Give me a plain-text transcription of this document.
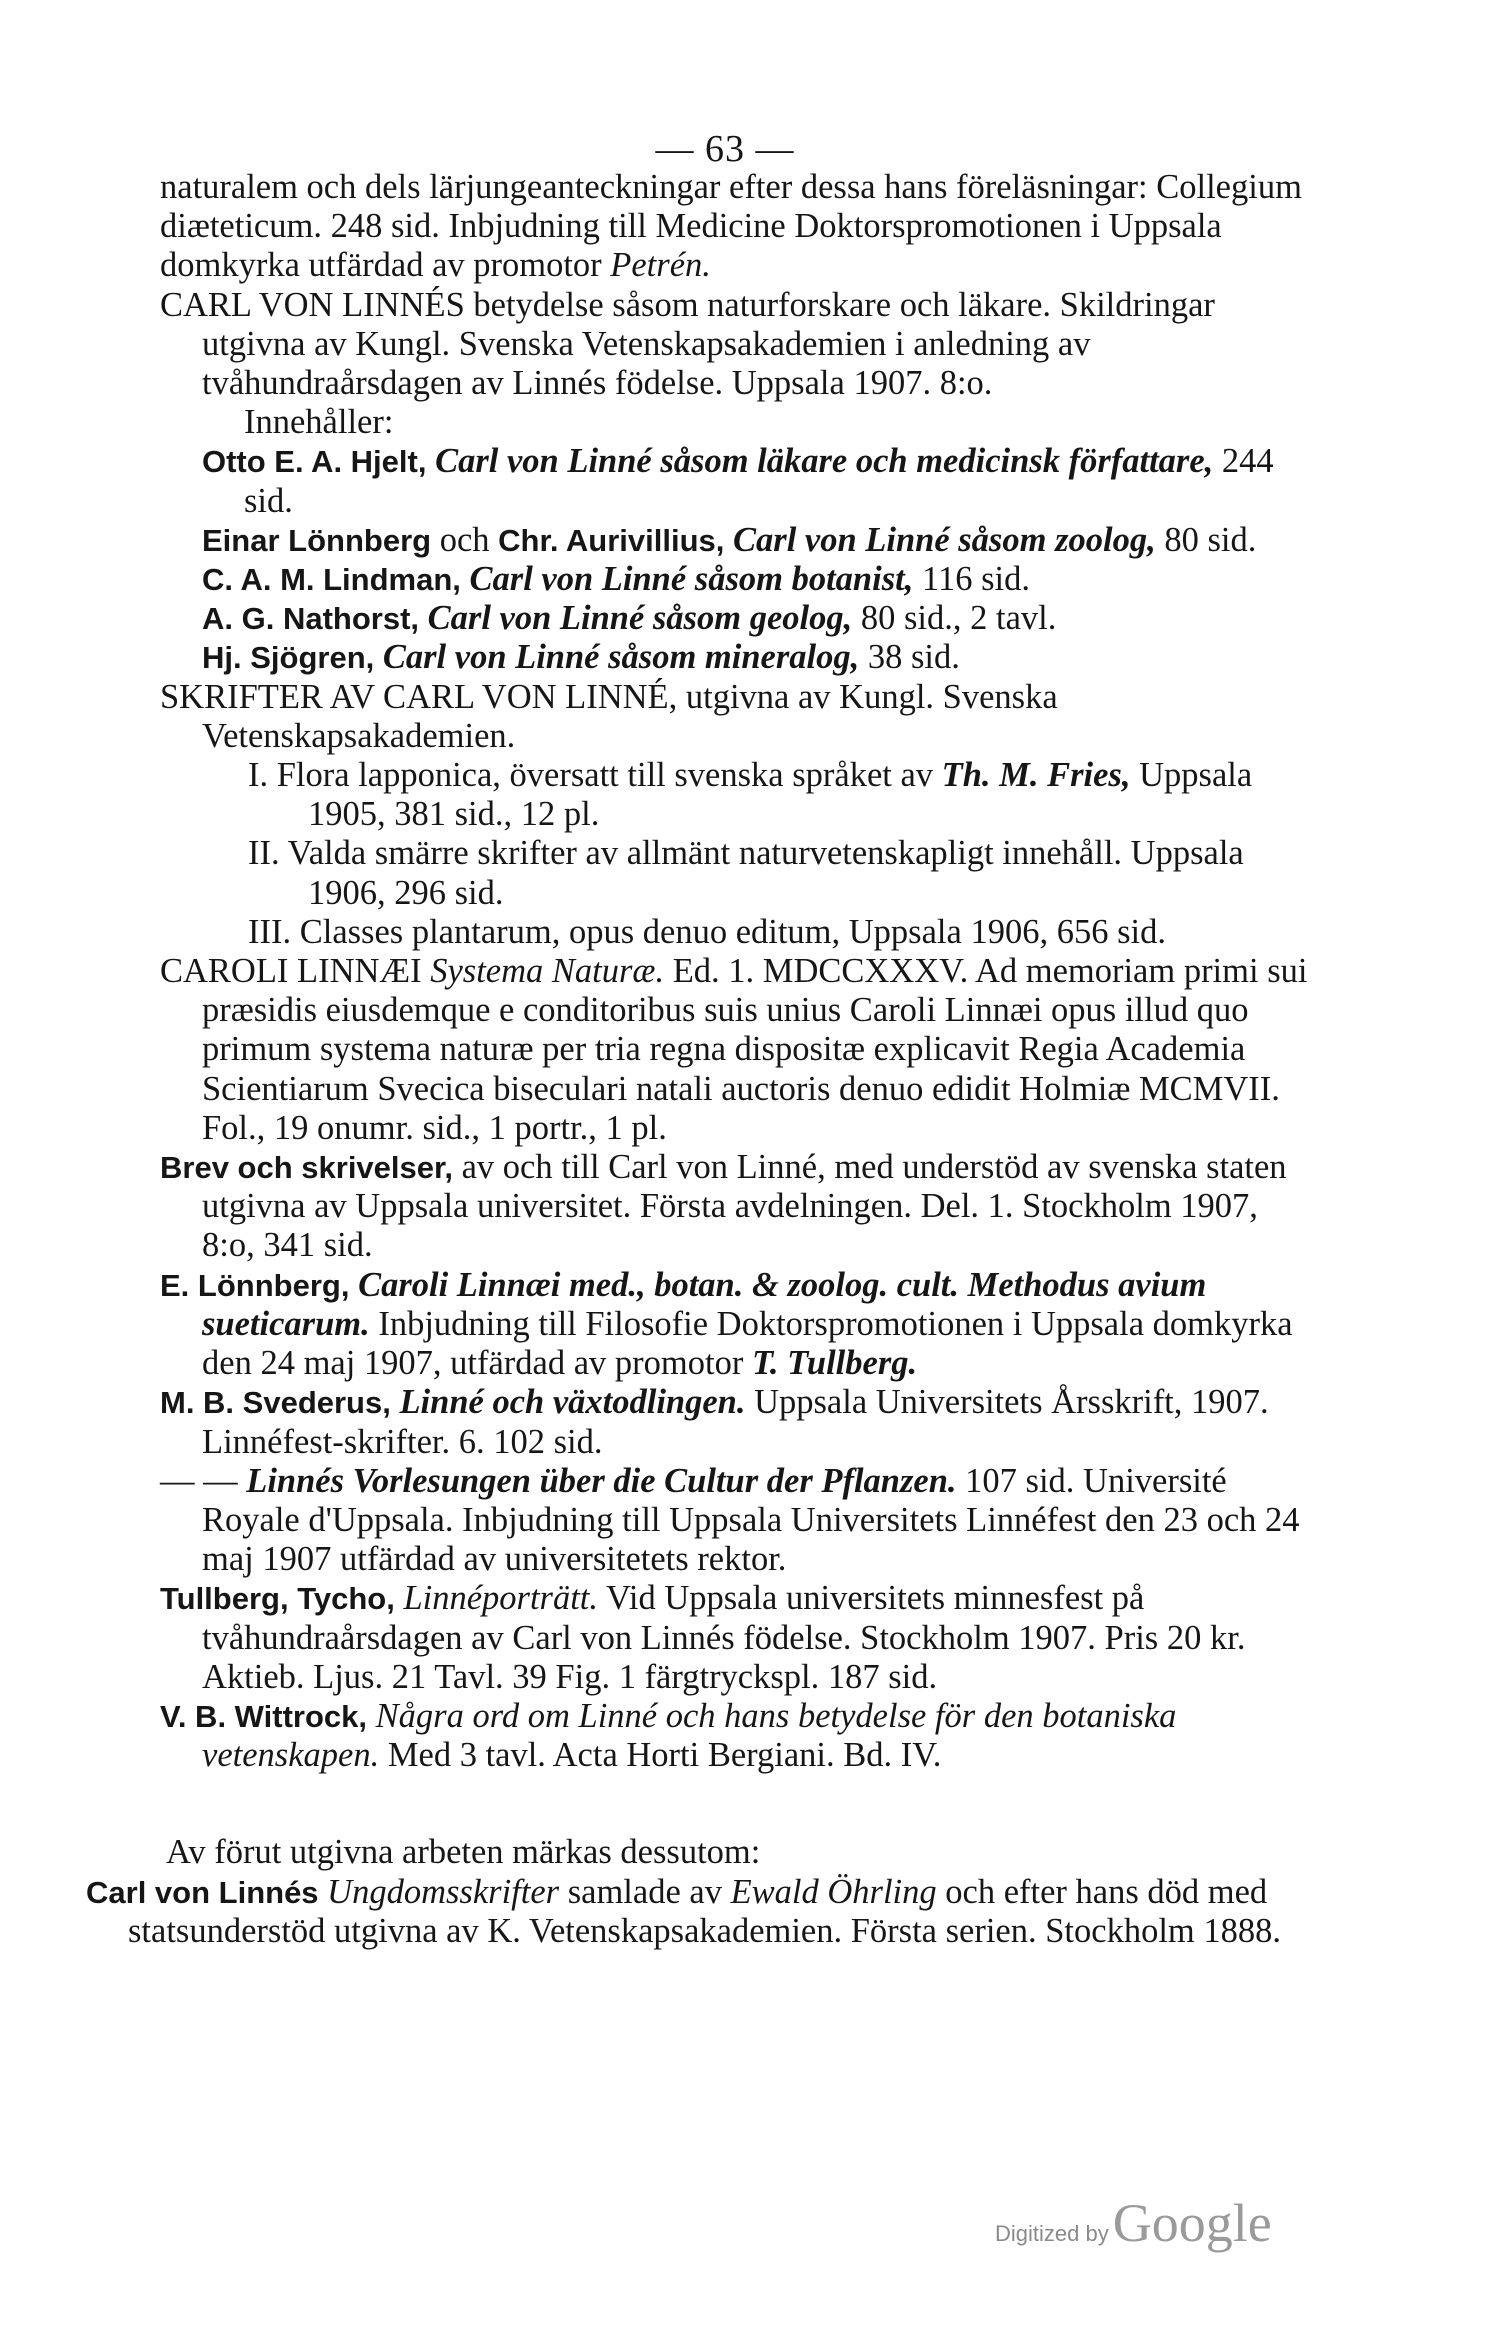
— 63 —

naturalem och dels lärjungeanteckningar efter dessa hans föreläsningar: Collegium diæteticum. 248 sid. Inbjudning till Medicine Doktorspromotionen i Uppsala domkyrka utfärdad av promotor Petrén.

CARL VON LINNÉS betydelse såsom naturforskare och läkare. Skildringar utgivna av Kungl. Svenska Vetenskapsakademien i anledning av tvåhundraårsdagen av Linnés födelse. Uppsala 1907. 8:o.

Innehåller:

Otto E. A. Hjelt, Carl von Linné såsom läkare och medicinsk författare, 244 sid.

Einar Lönnberg och Chr. Aurivillius, Carl von Linné såsom zoolog, 80 sid.

C. A. M. Lindman, Carl von Linné såsom botanist, 116 sid.

A. G. Nathorst, Carl von Linné såsom geolog, 80 sid., 2 tavl.

Hj. Sjögren, Carl von Linné såsom mineralog, 38 sid.

SKRIFTER AV CARL VON LINNÉ, utgivna av Kungl. Svenska Vetenskapsakademien.

I. Flora lapponica, översatt till svenska språket av Th. M. Fries, Uppsala 1905, 381 sid., 12 pl.

II. Valda smärre skrifter av allmänt naturvetenskapligt innehåll. Uppsala 1906, 296 sid.

III. Classes plantarum, opus denuo editum, Uppsala 1906, 656 sid.

CAROLI LINNÆI Systema Naturæ. Ed. 1. MDCCXXXV. Ad memoriam primi sui præsidis eiusdemque e conditoribus suis unius Caroli Linnæi opus illud quo primum systema naturæ per tria regna dispositæ explicavit Regia Academia Scientiarum Svecica biseculari natali auctoris denuo edidit Holmiæ MCMVII. Fol., 19 onumr. sid., 1 portr., 1 pl.

Brev och skrivelser, av och till Carl von Linné, med understöd av svenska staten utgivna av Uppsala universitet. Första avdelningen. Del. 1. Stockholm 1907, 8:o, 341 sid.

E. Lönnberg, Caroli Linnæi med., botan. & zoolog. cult. Methodus avium sueticarum. Inbjudning till Filosofie Doktorspromotionen i Uppsala domkyrka den 24 maj 1907, utfärdad av promotor T. Tullberg.

M. B. Svederus, Linné och växtodlingen. Uppsala Universitets Årsskrift, 1907. Linnéfest-skrifter. 6. 102 sid.

— — Linnés Vorlesungen über die Cultur der Pflanzen. 107 sid. Université Royale d'Uppsala. Inbjudning till Uppsala Universitets Linnéfest den 23 och 24 maj 1907 utfärdad av universitetets rektor.

Tullberg, Tycho, Linnéporträtt. Vid Uppsala universitets minnesfest på tvåhundraårsdagen av Carl von Linnés födelse. Stockholm 1907. Pris 20 kr. Aktieb. Ljus. 21 Tavl. 39 Fig. 1 färgtryckspl. 187 sid.

V. B. Wittrock, Några ord om Linné och hans betydelse för den botaniska vetenskapen. Med 3 tavl. Acta Horti Bergiani. Bd. IV.

Av förut utgivna arbeten märkas dessutom:

Carl von Linnés Ungdomsskrifter samlade av Ewald Öhrling och efter hans död med statsunderstöd utgivna av K. Vetenskapsakademien. Första serien. Stockholm 1888.

Digitized by Google
